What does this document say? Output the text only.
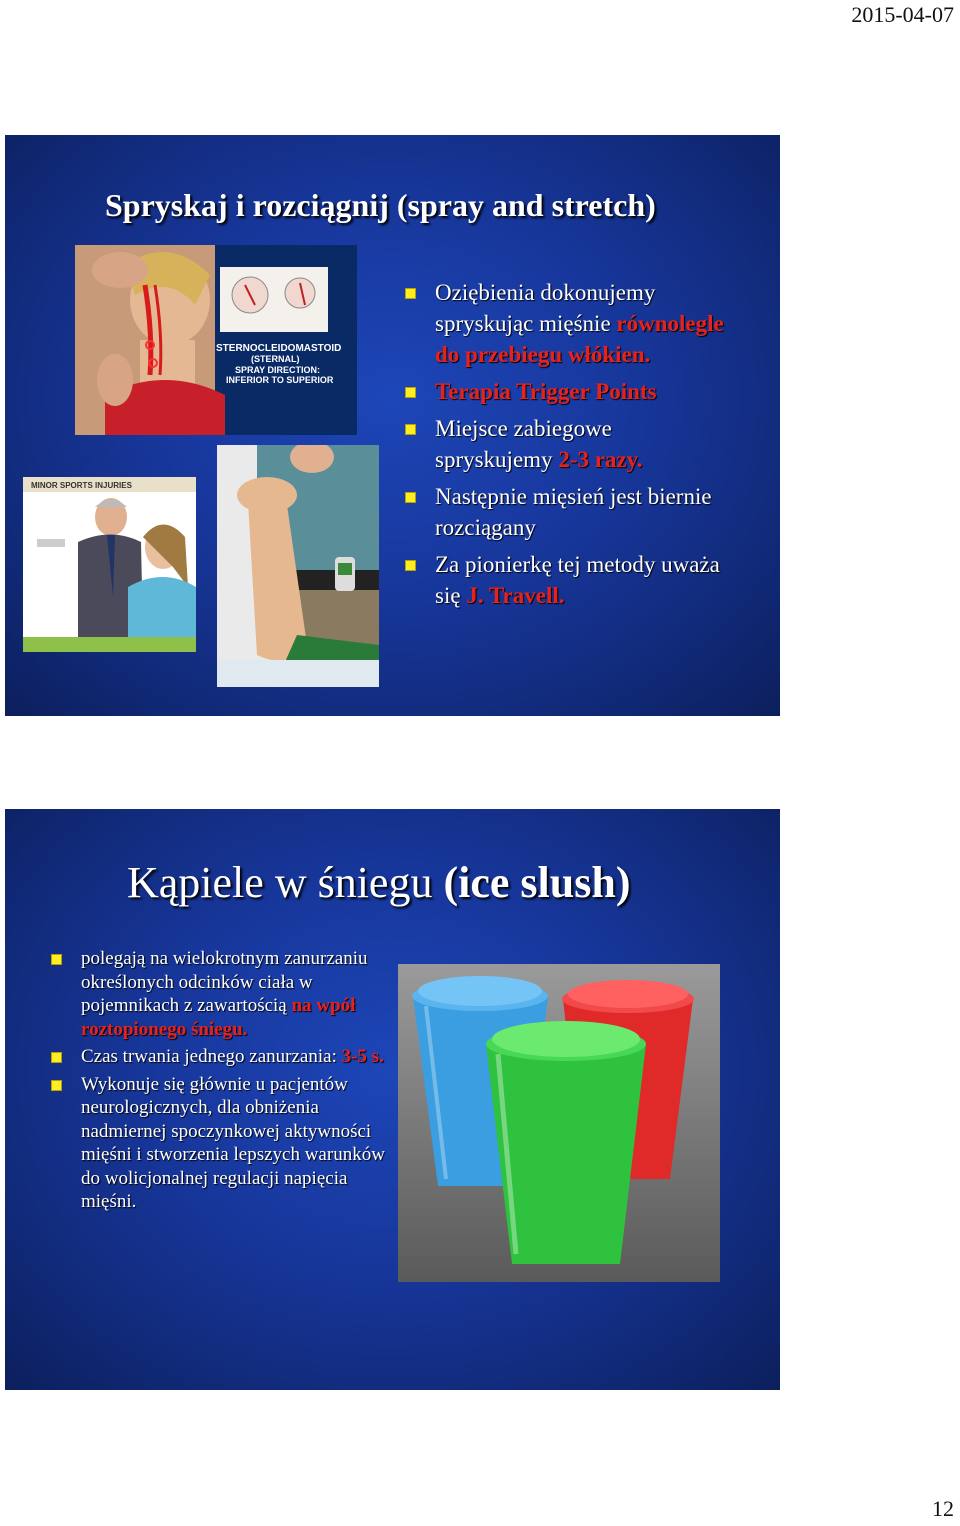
2015-04-07
Spryskaj i rozciągnij (spray and stretch)
STERNOCLEIDOMASTOID
(STERNAL)
SPRAY DIRECTION:
INFERIOR TO SUPERIOR
MINOR SPORTS INJURIES
Oziębienia dokonujemy spryskując mięśnie równolegle do przebiegu włókien.
Terapia Trigger Points
Miejsce zabiegowe spryskujemy 2-3 razy.
Następnie mięsień jest biernie rozciągany
Za pionierkę tej metody uważa się J. Travell.
Kąpiele w śniegu (ice slush)
polegają na wielokrotnym zanurzaniu określonych odcinków ciała w pojemnikach z zawartością na wpół roztopionego śniegu.
Czas trwania jednego zanurzania: 3-5 s.
Wykonuje się głównie u pacjentów neurologicznych, dla obniżenia nadmiernej spoczynkowej aktywności mięśni i stworzenia lepszych warunków do wolicjonalnej regulacji napięcia mięśni.
12
